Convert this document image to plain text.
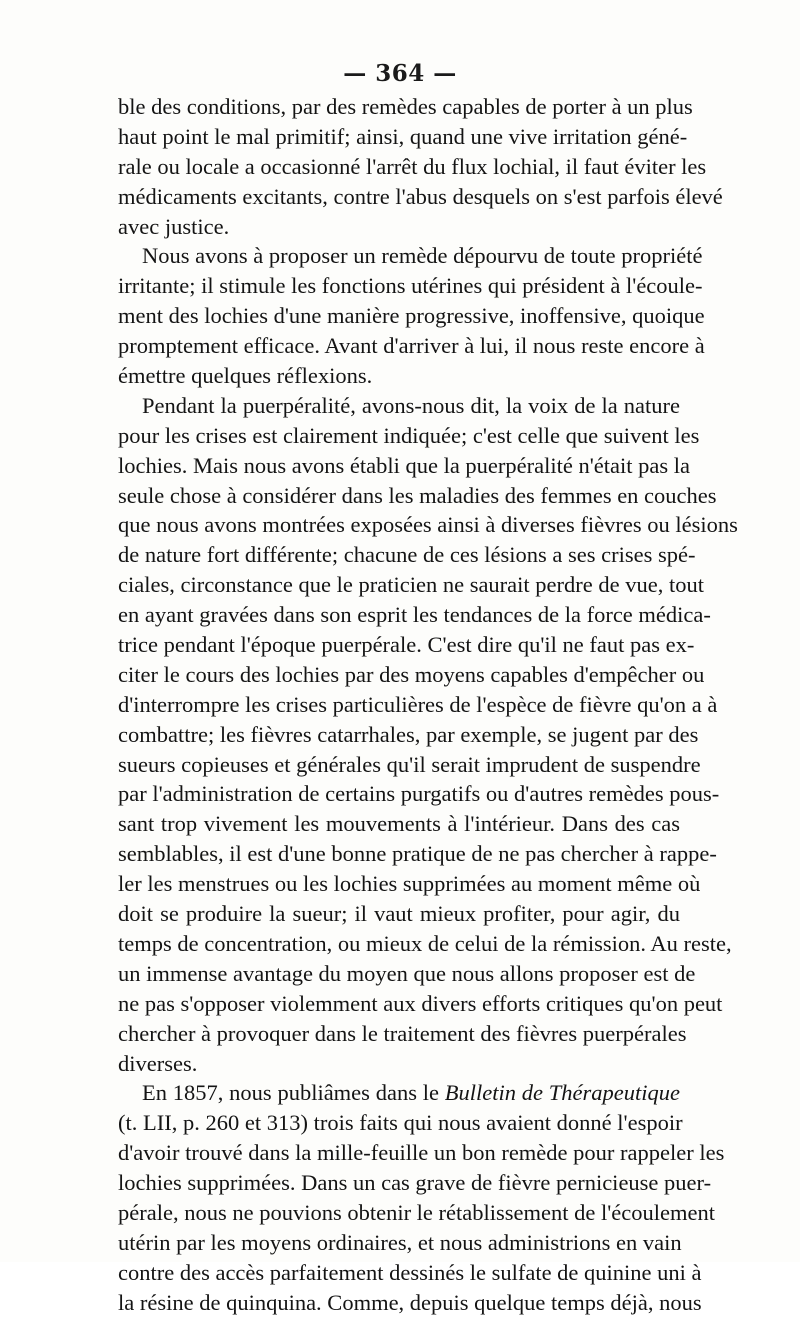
— 364 —
ble des conditions, par des remèdes capables de porter à un plus
haut point le mal primitif; ainsi, quand une vive irritation géné-
rale ou locale a occasionné l'arrêt du flux lochial, il faut éviter les
médicaments excitants, contre l'abus desquels on s'est parfois élevé
avec justice.
Nous avons à proposer un remède dépourvu de toute propriété
irritante; il stimule les fonctions utérines qui président à l'écoule-
ment des lochies d'une manière progressive, inoffensive, quoique
promptement efficace. Avant d'arriver à lui, il nous reste encore à
émettre quelques réflexions.
Pendant la puerpéralité, avons-nous dit, la voix de la nature
pour les crises est clairement indiquée; c'est celle que suivent les
lochies. Mais nous avons établi que la puerpéralité n'était pas la
seule chose à considérer dans les maladies des femmes en couches
que nous avons montrées exposées ainsi à diverses fièvres ou lésions
de nature fort différente; chacune de ces lésions a ses crises spé-
ciales, circonstance que le praticien ne saurait perdre de vue, tout
en ayant gravées dans son esprit les tendances de la force médica-
trice pendant l'époque puerpérale. C'est dire qu'il ne faut pas ex-
citer le cours des lochies par des moyens capables d'empêcher ou
d'interrompre les crises particulières de l'espèce de fièvre qu'on a à
combattre; les fièvres catarrhales, par exemple, se jugent par des
sueurs copieuses et générales qu'il serait imprudent de suspendre
par l'administration de certains purgatifs ou d'autres remèdes pous-
sant trop vivement les mouvements à l'intérieur. Dans des cas
semblables, il est d'une bonne pratique de ne pas chercher à rappe-
ler les menstrues ou les lochies supprimées au moment même où
doit se produire la sueur; il vaut mieux profiter, pour agir, du
temps de concentration, ou mieux de celui de la rémission. Au reste,
un immense avantage du moyen que nous allons proposer est de
ne pas s'opposer violemment aux divers efforts critiques qu'on peut
chercher à provoquer dans le traitement des fièvres puerpérales
diverses.
En 1857, nous publiâmes dans le Bulletin de Thérapeutique
(t. LII, p. 260 et 313) trois faits qui nous avaient donné l'espoir
d'avoir trouvé dans la mille-feuille un bon remède pour rappeler les
lochies supprimées. Dans un cas grave de fièvre pernicieuse puer-
pérale, nous ne pouvions obtenir le rétablissement de l'écoulement
utérin par les moyens ordinaires, et nous administrions en vain
contre des accès parfaitement dessinés le sulfate de quinine uni à
la résine de quinquina. Comme, depuis quelque temps déjà, nous
